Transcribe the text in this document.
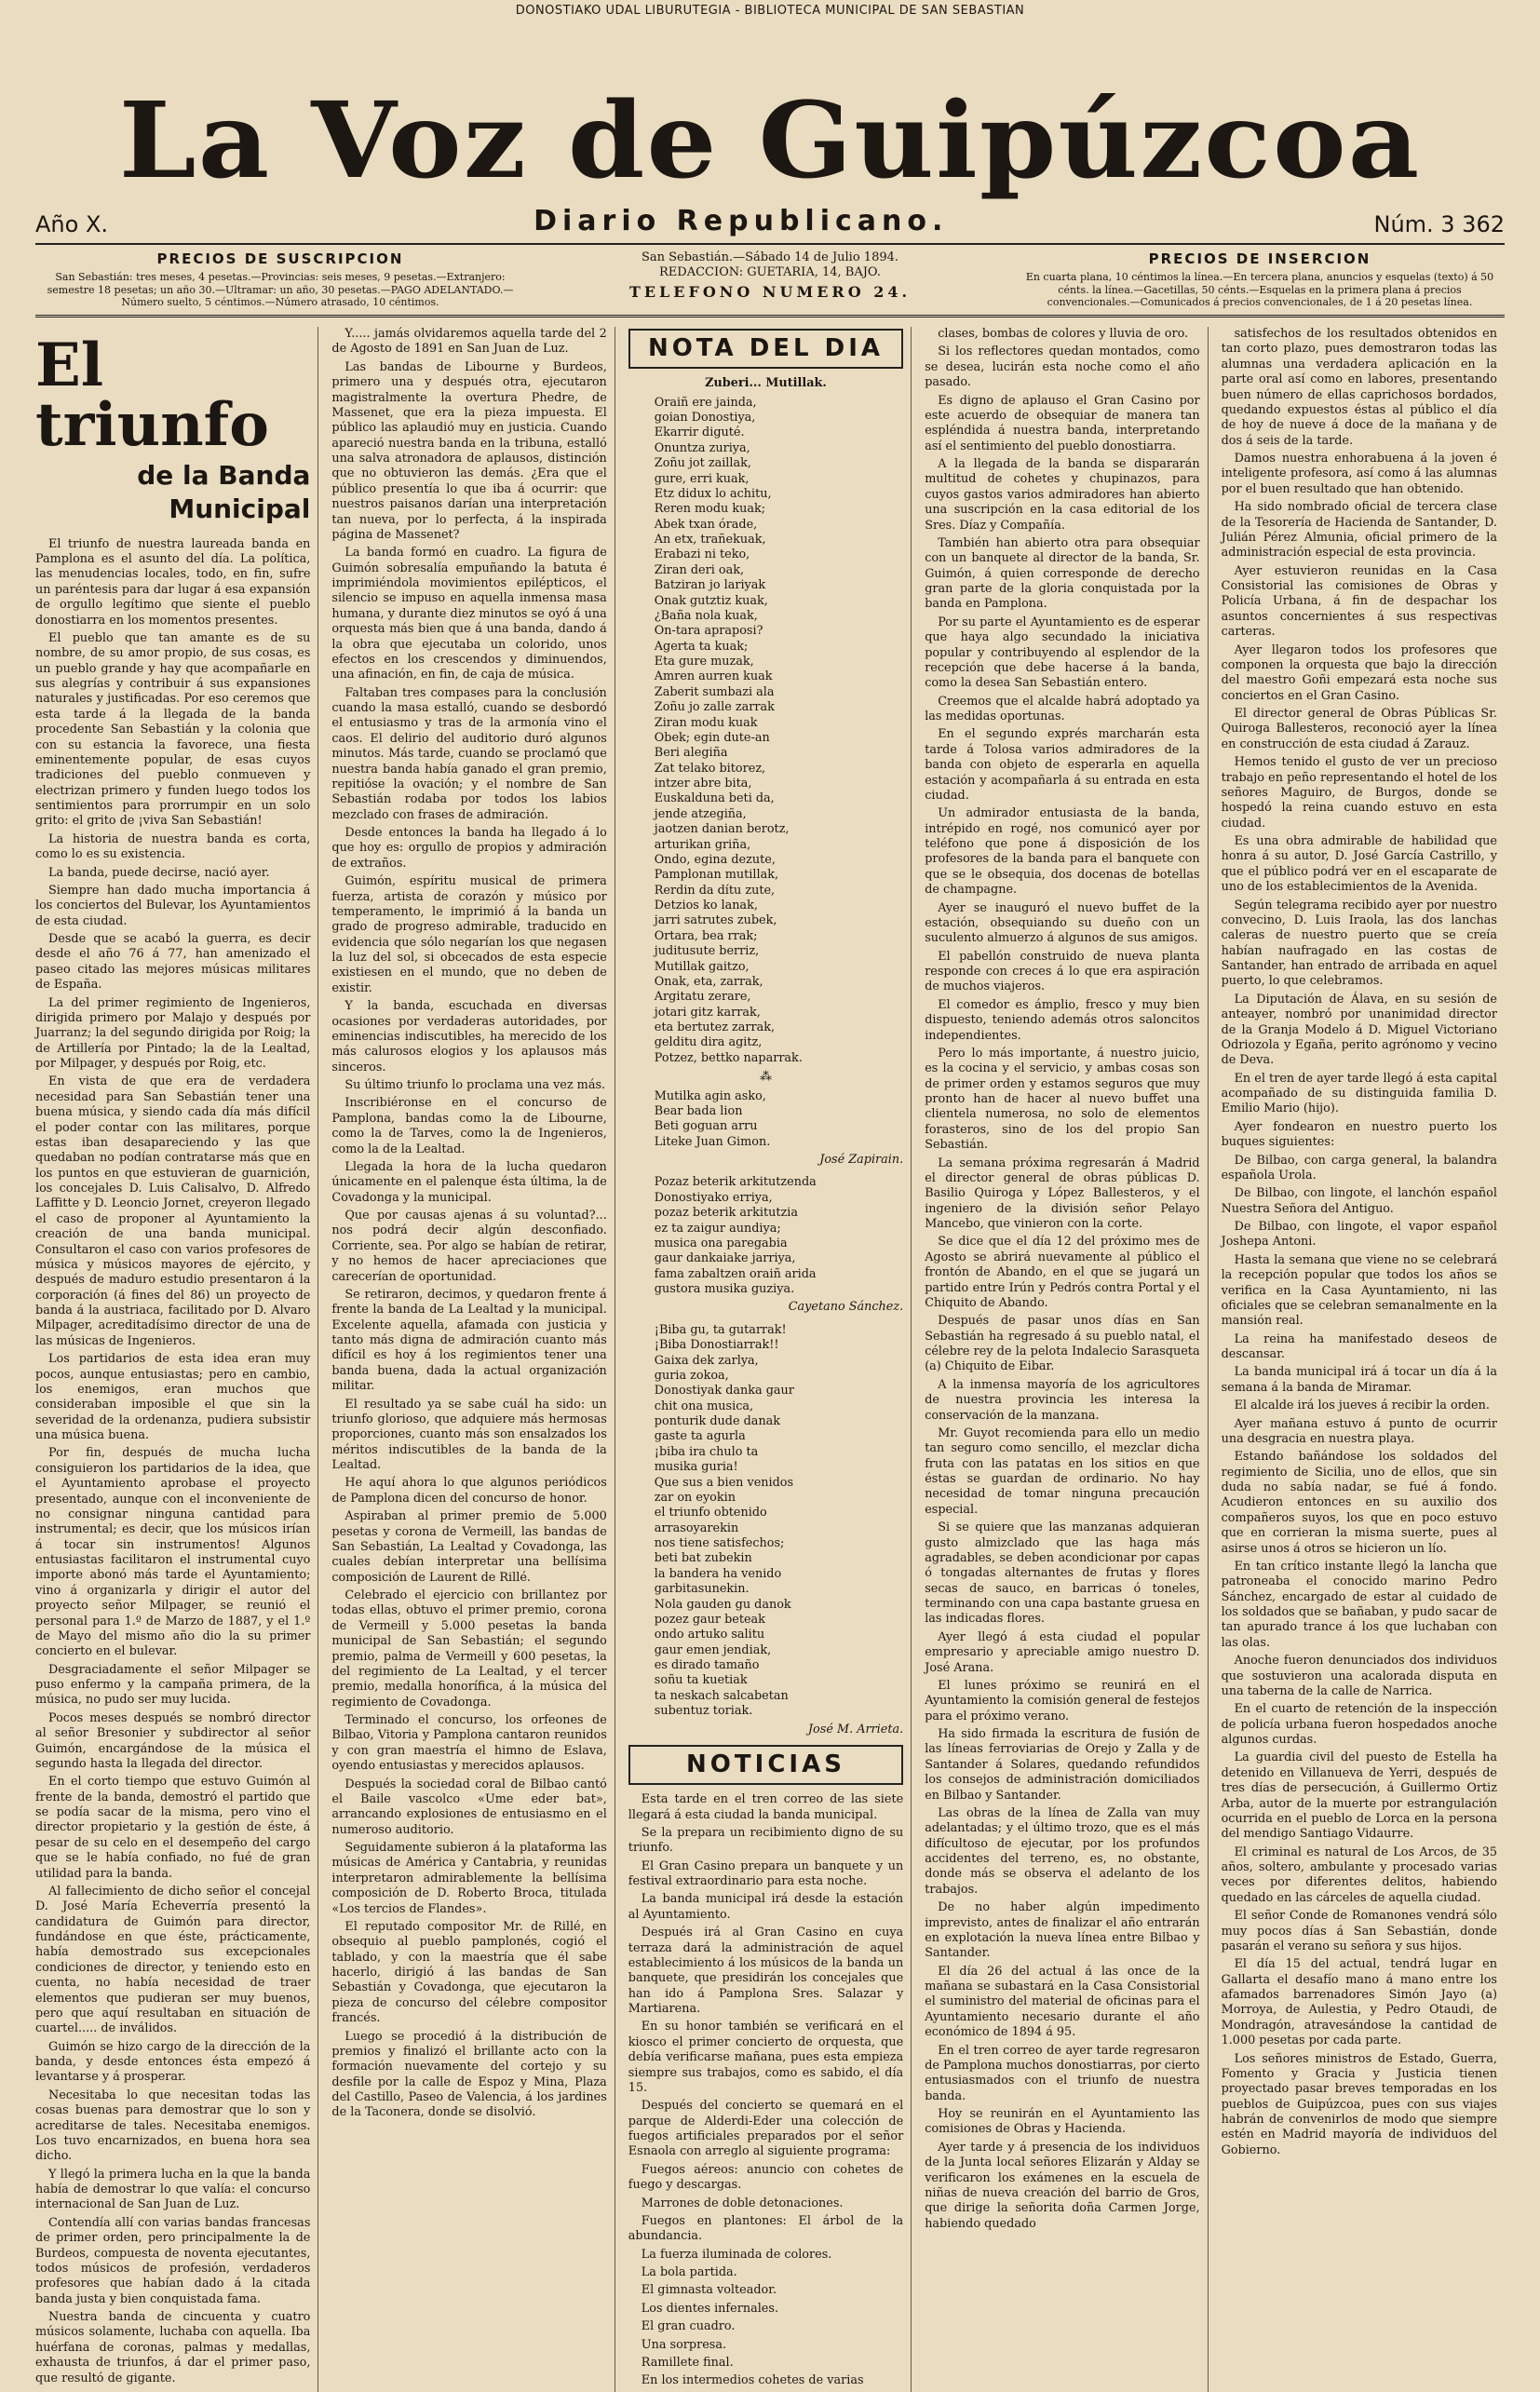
DONOSTIAKO UDAL LIBURUTEGIA - BIBLIOTECA MUNICIPAL DE SAN SEBASTIAN
La Voz de Guipúzcoa
Año X.	Diario Republicano.	Núm. 3 362
PRECIOS DE SUSCRIPCION
San Sebastián: tres meses, 4 pesetas.—Provincias: seis meses, 9 pesetas.—Extranjero: semestre 18 pesetas; un año 30.—Ultramar: un año, 30 pesetas.—PAGO ADELANTADO.—Número suelto, 5 céntimos.—Número atrasado, 10 céntimos.
San Sebastián.—Sábado 14 de Julio 1894.
REDACCION: GUETARIA, 14, BAJO.
TELEFONO NUMERO 24.
PRECIOS DE INSERCION
En cuarta plana, 10 céntimos la línea.—En tercera plana, anuncios y esquelas (texto) á 50 cénts. la línea.—Gacetillas, 50 cénts.—Esquelas en la primera plana á precios convencionales.—Comunicados á precios convencionales, de 1 á 20 pesetas línea.
El triunfo
de la Banda Municipal

El triunfo de nuestra laureada banda en Pamplona es el asunto del día. La política, las menudencias locales, todo, en fin, sufre un paréntesis para dar lugar á esa expansión de orgullo legítimo que siente el pueblo donostiarra en los momentos presentes.

El pueblo que tan amante es de su nombre, de su amor propio, de sus cosas, es un pueblo grande y hay que acompañarle en sus alegrías y contribuir á sus expansiones naturales y justificadas. Por eso ceremos que esta tarde á la llegada de la banda procedente San Sebastián y la colonia que con su estancia la favorece, una fiesta eminentemente popular, de esas cuyos tradiciones del pueblo conmueven y electrizan primero y funden luego todos los sentimientos para prorrumpir en un solo grito: el grito de ¡viva San Sebastián!

La historia de nuestra banda es corta, como lo es su existencia.

La banda, puede decirse, nació ayer.

Siempre han dado mucha importancia á los conciertos del Bulevar, los Ayuntamientos de esta ciudad.

Desde que se acabó la guerra, es decir desde el año 76 á 77, han amenizado el paseo citado las mejores músicas militares de España.

La del primer regimiento de Ingenieros, dirigida primero por Malajo y después por Juarranz; la del segundo dirigida por Roig; la de Artillería por Pintado; la de la Lealtad, por Milpager, y después por Roig, etc.

En vista de que era de verdadera necesidad para San Sebastián tener una buena música, y siendo cada día más difícil el poder contar con las militares, porque estas iban desapareciendo y las que quedaban no podían contratarse más que en los puntos en que estuvieran de guarnición, los concejales D. Luis Calisalvo, D. Alfredo Laffitte y D. Leoncio Jornet, creyeron llegado el caso de proponer al Ayuntamiento la creación de una banda municipal. Consultaron el caso con varios profesores de música y músicos mayores de ejército, y después de maduro estudio presentaron á la corporación (á fines del 86) un proyecto de banda á la austriaca, facilitado por D. Alvaro Milpager, acreditadísimo director de una de las músicas de Ingenieros.

Los partidarios de esta idea eran muy pocos, aunque entusiastas; pero en cambio, los enemigos, eran muchos que consideraban imposible el que sin la severidad de la ordenanza, pudiera subsistir una música buena.

Por fin, después de mucha lucha consiguieron los partidarios de la idea, que el Ayuntamiento aprobase el proyecto presentado, aunque con el inconveniente de no consignar ninguna cantidad para instrumental; es decir, que los músicos irían á tocar sin instrumentos! Algunos entusiastas facilitaron el instrumental cuyo importe abonó más tarde el Ayuntamiento; vino á organizarla y dirigir el autor del proyecto señor Milpager, se reunió el personal para 1.º de Marzo de 1887, y el 1.º de Mayo del mismo año dio la su primer concierto en el bulevar.

Desgraciadamente el señor Milpager se puso enfermo y la campaña primera, de la música, no pudo ser muy lucida.

Pocos meses después se nombró director al señor Bresonier y subdirector al señor Guimón, encargándose de la música el segundo hasta la llegada del director.

En el corto tiempo que estuvo Guimón al frente de la banda, demostró el partido que se podía sacar de la misma, pero vino el director propietario y la gestión de éste, á pesar de su celo en el desempeño del cargo que se le había confiado, no fué de gran utilidad para la banda.

Al fallecimiento de dicho señor el concejal D. José María Echeverría presentó la candidatura de Guimón para director, fundándose en que éste, prácticamente, había demostrado sus excepcionales condiciones de director, y teniendo esto en cuenta, no había necesidad de traer elementos que pudieran ser muy buenos, pero que aquí resultaban en situación de cuartel..... de inválidos.

Guimón se hizo cargo de la dirección de la banda, y desde entonces ésta empezó á levantarse y á prosperar.

Necesitaba lo que necesitan todas las cosas buenas para demostrar que lo son y acreditarse de tales. Necesitaba enemigos. Los tuvo encarnizados, en buena hora sea dicho.

Y llegó la primera lucha en la que la banda había de demostrar lo que valía: el concurso internacional de San Juan de Luz.

Contendía allí con varias bandas francesas de primer orden, pero principalmente la de Burdeos, compuesta de noventa ejecutantes, todos músicos de profesión, verdaderos profesores que habían dado á la citada banda justa y bien conquistada fama.

Nuestra banda de cincuenta y cuatro músicos solamente, luchaba con aquella. Iba huérfana de coronas, palmas y medallas, exhausta de triunfos, á dar el primer paso, que resultó de gigante.

Y..... jamás olvidaremos aquella tarde del 2 de Agosto de 1891 en San Juan de Luz.

Las bandas de Libourne y Burdeos, primero una y después otra, ejecutaron magistralmente la overtura Phedre, de Massenet, que era la pieza impuesta. El público las aplaudió muy en justicia. Cuando apareció nuestra banda en la tribuna, estalló una salva atronadora de aplausos, distinción que no obtuvieron las demás. ¿Era que el público presentía lo que iba á ocurrir: que nuestros paisanos darían una interpretación tan nueva, por lo perfecta, á la inspirada página de Massenet?

La banda formó en cuadro. La figura de Guimón sobresalía empuñando la batuta é imprimiéndola movimientos epilépticos, el silencio se impuso en aquella inmensa masa humana, y durante diez minutos se oyó á una orquesta más bien que á una banda, dando á la obra que ejecutaba un colorido, unos efectos en los crescendos y diminuendos, una afinación, en fin, de caja de música.

Faltaban tres compases para la conclusión cuando la masa estalló, cuando se desbordó el entusiasmo y tras de la armonía vino el caos. El delirio del auditorio duró algunos minutos. Más tarde, cuando se proclamó que nuestra banda había ganado el gran premio, repitióse la ovación; y el nombre de San Sebastián rodaba por todos los labios mezclado con frases de admiración.

Desde entonces la banda ha llegado á lo que hoy es: orgullo de propios y admiración de extraños.

Guimón, espíritu musical de primera fuerza, artista de corazón y músico por temperamento, le imprimió á la banda un grado de progreso admirable, traducido en evidencia que sólo negarían los que negasen la luz del sol, si obcecados de esta especie existiesen en el mundo, que no deben de existir.

Y la banda, escuchada en diversas ocasiones por verdaderas autoridades, por eminencias indiscutibles, ha merecido de los más calurosos elogios y los aplausos más sinceros.

Su último triunfo lo proclama una vez más.

Inscribiéronse en el concurso de Pamplona, bandas como la de Libourne, como la de Tarves, como la de Ingenieros, como la de la Lealtad.

Llegada la hora de la lucha quedaron únicamente en el palenque ésta última, la de Covadonga y la municipal.

Que por causas ajenas á su voluntad?... nos podrá decir algún desconfiado. Corriente, sea. Por algo se habían de retirar, y no hemos de hacer apreciaciones que carecerían de oportunidad.

Se retiraron, decimos, y quedaron frente á frente la banda de La Lealtad y la municipal. Excelente aquella, afamada con justicia y tanto más digna de admiración cuanto más difícil es hoy á los regimientos tener una banda buena, dada la actual organización militar.

El resultado ya se sabe cuál ha sido: un triunfo glorioso, que adquiere más hermosas proporciones, cuanto más son ensalzados los méritos indiscutibles de la banda de la Lealtad.

He aquí ahora lo que algunos periódicos de Pamplona dicen del concurso de honor.

Aspiraban al primer premio de 5.000 pesetas y corona de Vermeill, las bandas de San Sebastián, La Lealtad y Covadonga, las cuales debían interpretar una bellísima composición de Laurent de Rillé.

Celebrado el ejercicio con brillantez por todas ellas, obtuvo el primer premio, corona de Vermeill y 5.000 pesetas la banda municipal de San Sebastián; el segundo premio, palma de Vermeill y 600 pesetas, la del regimiento de La Lealtad, y el tercer premio, medalla honorífica, á la música del regimiento de Covadonga.

Terminado el concurso, los orfeones de Bilbao, Vitoria y Pamplona cantaron reunidos y con gran maestría el himno de Eslava, oyendo entusiastas y merecidos aplausos.

Después la sociedad coral de Bilbao cantó el Baile vascolco «Ume eder bat», arrancando explosiones de entusiasmo en el numeroso auditorio.

Seguidamente subieron á la plataforma las músicas de América y Cantabria, y reunidas interpretaron admirablemente la bellísima composición de D. Roberto Broca, titulada «Los tercios de Flandes».

El reputado compositor Mr. de Rillé, en obsequio al pueblo pamplonés, cogió el tablado, y con la maestría que él sabe hacerlo, dirigió á las bandas de San Sebastián y Covadonga, que ejecutaron la pieza de concurso del célebre compositor francés.

Luego se procedió á la distribución de premios y finalizó el brillante acto con la formación nuevamente del cortejo y su desfile por la calle de Espoz y Mina, Plaza del Castillo, Paseo de Valencia, á los jardines de la Taconera, donde se disolvió.

NOTA DEL DIA
Zuberi... Mutillak.
Oraiñ ere jainda,
goian Donostiya,
Ekarrir diguté.
Onuntza zuriya,
Zoñu jot zaillak,
gure, erri kuak,
Etz didux lo achitu,
Reren modu kuak;
Abek txan órade,
An etx, trañekuak,
Erabazi ni teko,
Ziran deri oak,
Batziran jo lariyak
Onak gutztiz kuak,
¿Baña nola kuak,
On-tara apraposi?
Agerta ta kuak;
Eta gure muzak,
Amren aurren kuak
Zaberit sumbazi ala
Zoñu jo zalle zarrak
Ziran modu kuak
Obek; egin dute-an
Beri alegiña
Zat telako bitorez,
intzer abre bita,
Euskalduna beti da,
jende atzegiña,
jaotzen danian berotz,
arturikan griña,
Ondo, egina dezute,
Pamplonan mutillak,
Rerdin da dítu zute,
Detzios ko lanak,
jarri satrutes zubek,
Ortara, bea rrak;
juditusute berriz,
Mutillak gaitzo,
Onak, eta, zarrak,
Argitatu zerare,
jotari gitz karrak,
eta bertutez zarrak,
gelditu dira agitz,
Potzez, bettko naparrak.
⁂
Mutilka agin asko,
Bear bada lion
Beti goguan arru
Liteke Juan Gimon.
José Zapirain.
Pozaz beterik arkitutzenda
Donostiyako erriya,
pozaz beterik arkitutzia
ez ta zaigur aundiya;
musica ona paregabia
gaur dankaiake jarriya,
fama zabaltzen oraiñ arida
gustora musika guziya.
Cayetano Sánchez.
¡Biba gu, ta gutarrak!
¡Biba Donostiarrak!!
Gaixa dek zarlya,
guria zokoa,
Donostiyak danka gaur
chit ona musica,
ponturik dude danak
gaste ta agurla
¡biba ira chulo ta
musika guria!
Que sus a bien venidos
zar on eyokin
el triunfo obtenido
arrasoyarekin
nos tiene satisfechos;
beti bat zubekin
la bandera ha venido
garbitasunekin.
Nola gauden gu danok
pozez gaur beteak
ondo artuko salitu
gaur emen jendiak,
es dirado tamaño
soñu ta kuetiak
ta neskach salcabetan
subentuz toriak.
José M. Arrieta.
NOTICIAS

Esta tarde en el tren correo de las siete llegará á esta ciudad la banda municipal.

Se la prepara un recibimiento digno de su triunfo.

El Gran Casino prepara un banquete y un festival extraordinario para esta noche.

La banda municipal irá desde la estación al Ayuntamiento.

Después irá al Gran Casino en cuya terraza dará la administración de aquel establecimiento á los músicos de la banda un banquete, que presidirán los concejales que han ido á Pamplona Sres. Salazar y Martiarena.

En su honor también se verificará en el kiosco el primer concierto de orquesta, que debía verificarse mañana, pues esta empieza siempre sus trabajos, como es sabido, el día 15.

Después del concierto se quemará en el parque de Alderdi-Eder una colección de fuegos artificiales preparados por el señor Esnaola con arreglo al siguiente programa:

Fuegos aéreos: anuncio con cohetes de fuego y descargas.

Marrones de doble detonaciones.

Fuegos en plantones: El árbol de la abundancia.

La fuerza iluminada de colores.

La bola partida.

El gimnasta volteador.

Los dientes infernales.

El gran cuadro.

Una sorpresa.

Ramillete final.

En los intermedios cohetes de varias

clases, bombas de colores y lluvia de oro.

Si los reflectores quedan montados, como se desea, lucirán esta noche como el año pasado.

Es digno de aplauso el Gran Casino por este acuerdo de obsequiar de manera tan espléndida á nuestra banda, interpretando así el sentimiento del pueblo donostiarra.

A la llegada de la banda se dispararán multitud de cohetes y chupinazos, para cuyos gastos varios admiradores han abierto una suscripción en la casa editorial de los Sres. Díaz y Compañía.

También han abierto otra para obsequiar con un banquete al director de la banda, Sr. Guimón, á quien corresponde de derecho gran parte de la gloria conquistada por la banda en Pamplona.

Por su parte el Ayuntamiento es de esperar que haya algo secundado la iniciativa popular y contribuyendo al esplendor de la recepción que debe hacerse á la banda, como la desea San Sebastián entero.

Creemos que el alcalde habrá adoptado ya las medidas oportunas.

En el segundo exprés marcharán esta tarde á Tolosa varios admiradores de la banda con objeto de esperarla en aquella estación y acompañarla á su entrada en esta ciudad.

Un admirador entusiasta de la banda, intrépido en rogé, nos comunicó ayer por teléfono que pone á disposición de los profesores de la banda para el banquete con que se le obsequia, dos docenas de botellas de champagne.

Ayer se inauguró el nuevo buffet de la estación, obsequiando su dueño con un suculento almuerzo á algunos de sus amigos.

El pabellón construido de nueva planta responde con creces á lo que era aspiración de muchos viajeros.

El comedor es ámplio, fresco y muy bien dispuesto, teniendo además otros saloncitos independientes.

Pero lo más importante, á nuestro juicio, es la cocina y el servicio, y ambas cosas son de primer orden y estamos seguros que muy pronto han de hacer al nuevo buffet una clientela numerosa, no solo de elementos forasteros, sino de los del propio San Sebastián.

La semana próxima regresarán á Madrid el director general de obras públicas D. Basilio Quiroga y López Ballesteros, y el ingeniero de la división señor Pelayo Mancebo, que vinieron con la corte.

Se dice que el día 12 del próximo mes de Agosto se abrirá nuevamente al público el frontón de Abando, en el que se jugará un partido entre Irún y Pedrós contra Portal y el Chiquito de Abando.

Después de pasar unos días en San Sebastián ha regresado á su pueblo natal, el célebre rey de la pelota Indalecio Sarasqueta (a) Chiquito de Eibar.

A la inmensa mayoría de los agricultores de nuestra provincia les interesa la conservación de la manzana.

Mr. Guyot recomienda para ello un medio tan seguro como sencillo, el mezclar dicha fruta con las patatas en los sitios en que éstas se guardan de ordinario. No hay necesidad de tomar ninguna precaución especial.

Si se quiere que las manzanas adquieran gusto almizclado que las haga más agradables, se deben acondicionar por capas ó tongadas alternantes de frutas y flores secas de sauco, en barricas ó toneles, terminando con una capa bastante gruesa en las indicadas flores.

Ayer llegó á esta ciudad el popular empresario y apreciable amigo nuestro D. José Arana.

El lunes próximo se reunirá en el Ayuntamiento la comisión general de festejos para el próximo verano.

Ha sido firmada la escritura de fusión de las líneas ferroviarias de Orejo y Zalla y de Santander á Solares, quedando refundidos los consejos de administración domiciliados en Bilbao y Santander.

Las obras de la línea de Zalla van muy adelantadas; y el último trozo, que es el más difícultoso de ejecutar, por los profundos accidentes del terreno, es, no obstante, donde más se observa el adelanto de los trabajos.

De no haber algún impedimento imprevisto, antes de finalizar el año entrarán en explotación la nueva línea entre Bilbao y Santander.

El día 26 del actual á las once de la mañana se subastará en la Casa Consistorial el suministro del material de oficinas para el Ayuntamiento necesario durante el año económico de 1894 á 95.

En el tren correo de ayer tarde regresaron de Pamplona muchos donostiarras, por cierto entusiasmados con el triunfo de nuestra banda.

Hoy se reunirán en el Ayuntamiento las comisiones de Obras y Hacienda.

Ayer tarde y á presencia de los individuos de la Junta local señores Elizarán y Alday se verificaron los exámenes en la escuela de niñas de nueva creación del barrio de Gros, que dirige la señorita doña Carmen Jorge, habiendo quedado

satisfechos de los resultados obtenidos en tan corto plazo, pues demostraron todas las alumnas una verdadera aplicación en la parte oral así como en labores, presentando buen número de ellas caprichosos bordados, quedando expuestos éstas al público el día de hoy de nueve á doce de la mañana y de dos á seis de la tarde.

Damos nuestra enhorabuena á la joven é inteligente profesora, así como á las alumnas por el buen resultado que han obtenido.

Ha sido nombrado oficial de tercera clase de la Tesorería de Hacienda de Santander, D. Julián Pérez Almunia, oficial primero de la administración especial de esta provincia.

Ayer estuvieron reunidas en la Casa Consistorial las comisiones de Obras y Policía Urbana, á fin de despachar los asuntos concernientes á sus respectivas carteras.

Ayer llegaron todos los profesores que componen la orquesta que bajo la dirección del maestro Goñi empezará esta noche sus conciertos en el Gran Casino.

El director general de Obras Públicas Sr. Quiroga Ballesteros, reconoció ayer la línea en construcción de esta ciudad á Zarauz.

Hemos tenido el gusto de ver un precioso trabajo en peño representando el hotel de los señores Maguiro, de Burgos, donde se hospedó la reina cuando estuvo en esta ciudad.

Es una obra admirable de habilidad que honra á su autor, D. José García Castrillo, y que el público podrá ver en el escaparate de uno de los establecimientos de la Avenida.

Según telegrama recibido ayer por nuestro convecino, D. Luis Iraola, las dos lanchas caleras de nuestro puerto que se creía habían naufragado en las costas de Santander, han entrado de arribada en aquel puerto, lo que celebramos.

La Diputación de Álava, en su sesión de anteayer, nombró por unanimidad director de la Granja Modelo á D. Miguel Victoriano Odriozola y Egaña, perito agrónomo y vecino de Deva.

En el tren de ayer tarde llegó á esta capital acompañado de su distinguida familia D. Emilio Mario (hijo).

Ayer fondearon en nuestro puerto los buques siguientes:

De Bilbao, con carga general, la balandra española Urola.

De Bilbao, con lingote, el lanchón español Nuestra Señora del Antiguo.

De Bilbao, con lingote, el vapor español Joshepa Antoni.

Hasta la semana que viene no se celebrará la recepción popular que todos los años se verifica en la Casa Ayuntamiento, ni las oficiales que se celebran semanalmente en la mansión real.

La reina ha manifestado deseos de descansar.

La banda municipal irá á tocar un día á la semana á la banda de Miramar.

El alcalde irá los jueves á recibir la orden.

Ayer mañana estuvo á punto de ocurrir una desgracia en nuestra playa.

Estando bañándose los soldados del regimiento de Sicilia, uno de ellos, que sin duda no sabía nadar, se fué á fondo. Acudieron entonces en su auxilio dos compañeros suyos, los que en poco estuvo que en corrieran la misma suerte, pues al asirse unos á otros se hicieron un lío.

En tan crítico instante llegó la lancha que patroneaba el conocido marino Pedro Sánchez, encargado de estar al cuidado de los soldados que se bañaban, y pudo sacar de tan apurado trance á los que luchaban con las olas.

Anoche fueron denunciados dos individuos que sostuvieron una acalorada disputa en una taberna de la calle de Narrica.

En el cuarto de retención de la inspección de policía urbana fueron hospedados anoche algunos curdas.

La guardia civil del puesto de Estella ha detenido en Villanueva de Yerri, después de tres días de persecución, á Guillermo Ortiz Arba, autor de la muerte por estrangulación ocurrida en el pueblo de Lorca en la persona del mendigo Santiago Vidaurre.

El criminal es natural de Los Arcos, de 35 años, soltero, ambulante y procesado varias veces por diferentes delitos, habiendo quedado en las cárceles de aquella ciudad.

El señor Conde de Romanones vendrá sólo muy pocos días á San Sebastián, donde pasarán el verano su señora y sus hijos.

El día 15 del actual, tendrá lugar en Gallarta el desafío mano á mano entre los afamados barrenadores Simón Jayo (a) Morroya, de Aulestia, y Pedro Otaudi, de Mondragón, atravesándose la cantidad de 1.000 pesetas por cada parte.

Los señores ministros de Estado, Guerra, Fomento y Gracia y Justicia tienen proyectado pasar breves temporadas en los pueblos de Guipúzcoa, pues con sus viajes habrán de convenirlos de modo que siempre estén en Madrid mayoría de individuos del Gobierno.
